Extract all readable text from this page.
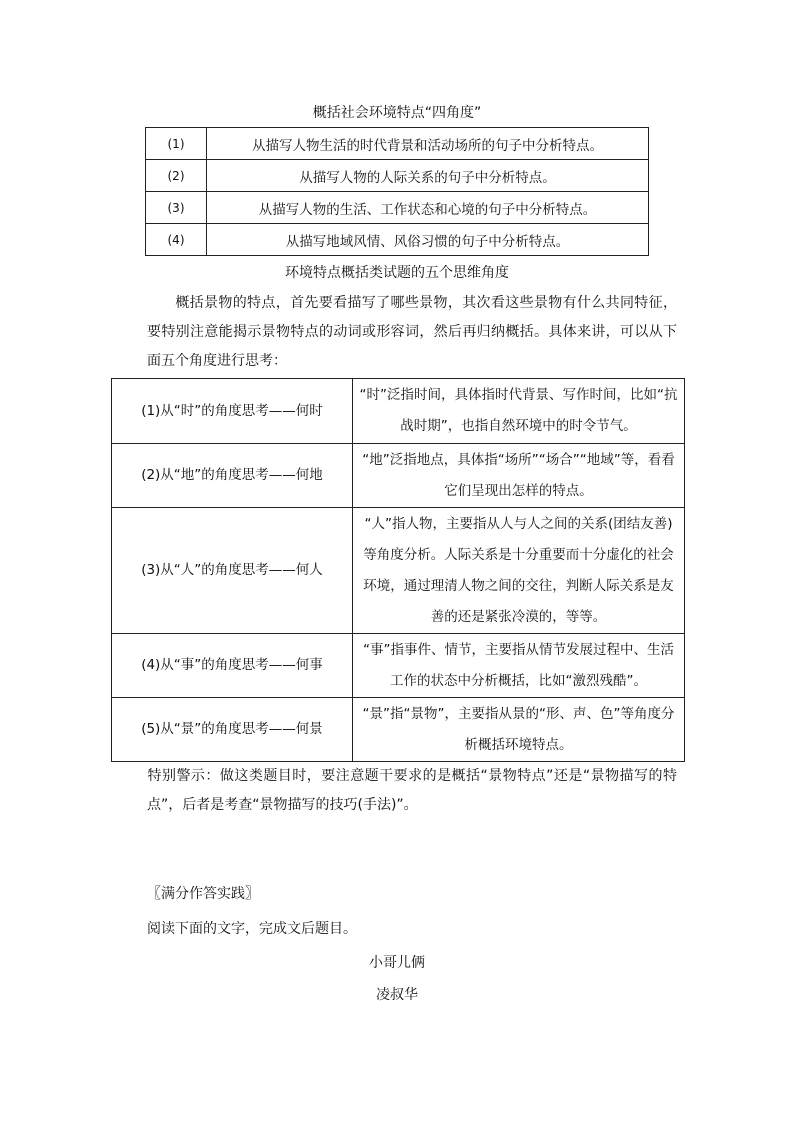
概括社会环境特点“四角度”
(1)	从描写人物生活的时代背景和活动场所的句子中分析特点。
(2)	从描写人物的人际关系的句子中分析特点。
(3)	从描写人物的生活、工作状态和心境的句子中分析特点。
(4)	从描写地域风情、风俗习惯的句子中分析特点。
环境特点概括类试题的五个思维角度
概括景物的特点，首先要看描写了哪些景物，其次看这些景物有什么共同特征，要特别注意能揭示景物特点的动词或形容词，然后再归纳概括。具体来讲，可以从下面五个角度进行思考：
(1)从“时”的角度思考——何时	“时”泛指时间，具体指时代背景、写作时间，比如“抗战时期”，也指自然环境中的时令节气。
(2)从“地”的角度思考——何地	“地”泛指地点，具体指“场所”“场合”“地域”等，看看它们呈现出怎样的特点。
(3)从“人”的角度思考——何人	“人”指人物，主要指从人与人之间的关系(团结友善)等角度分析。人际关系是十分重要而十分虚化的社会环境，通过理清人物之间的交往，判断人际关系是友善的还是紧张冷漠的，等等。
(4)从“事”的角度思考——何事	“事”指事件、情节，主要指从情节发展过程中、生活工作的状态中分析概括，比如“激烈残酷”。
(5)从“景”的角度思考——何景	“景”指“景物”，主要指从景的“形、声、色”等角度分析概括环境特点。
特别警示：做这类题目时，要注意题干要求的是概括“景物特点”还是“景物描写的特点”，后者是考查“景物描写的技巧(手法)”。
〖满分作答实践〗
阅读下面的文字，完成文后题目。
小哥儿俩
凌叔华
